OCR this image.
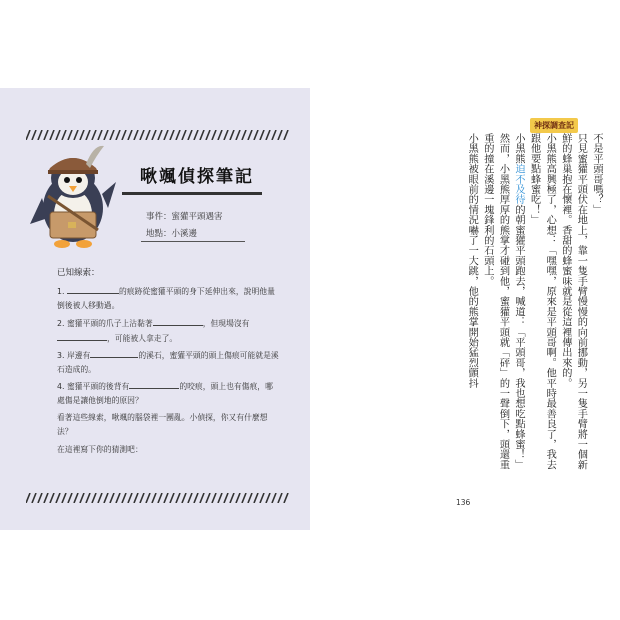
啾颯偵探筆記
事件：蜜獾平頭遇害
地點：小溪邊
已知線索：
1.	的痕跡從蜜獾平頭的身下延伸出來，說明他量倒後被人移動過。
2. 蜜獾平頭的爪子上沾黏著	，但現場沒有，可能被人拿走了。
3. 岸邊有	的溪石，蜜獾平頭的頭上傷痕可能就是溪石造成的。
4. 蜜獾平頭的後背有	的咬痕，頭上也有傷痕，哪處傷是讓他倒地的原因？
看著這些線索，啾颯的腦袋裡一團亂。小偵探，你又有什麼想法？
在這裡寫下你的猜測吧：
神探調查記

不是平頭哥嗎？」

只見蜜獾平頭伏在地上，靠一隻手臂慢慢的向前挪動，另一隻手臂將一個新鮮的蜂巢抱在懷裡。香甜的蜂蜜味就是從這裡傳出來的。

小黑熊高興極了，心想：「嘿嘿，原來是平頭哥啊。他平時最善良了，我去跟他要點蜂蜜吃！」

小黑熊迫不及待的朝蜜獾平頭跑去，喊道：「平頭哥，我也想吃點蜂蜜！」

然而，小黑熊厚厚的熊掌才碰到他，蜜獾平頭就「砰」的一聲倒下，頭還重重的撞在溪邊一塊鋒利的石頭上。

小黑熊被眼前的情況嚇了一大跳，他的熊掌開始猛烈顫抖

136
